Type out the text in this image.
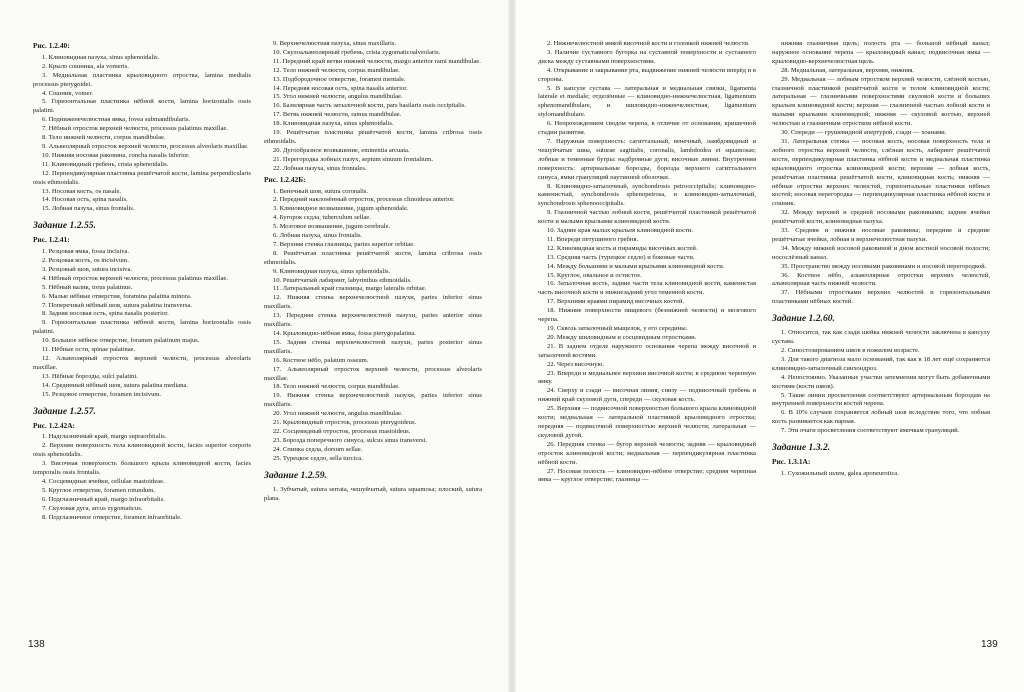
Рис. 1.2.40:
1. Клиновидная пазуха, sinus sphenoidalis.
2. Крыло сошника, ala vomeris.
3. Медиальная пластинка крыловидного отростка, lamina medialis processus pterygoidei.
4. Сошник, vomer.
5. Горизонтальная пластинка нёбной кости, lamina horizontalis ossis palatini.
6. Подниженечелюстная ямка, fovea submandibularis.
7. Нёбный отросток верхней челюсти, processus palatinus maxillae.
8. Тело нижней челюсти, corpus mandibulae.
9. Альвеолярный отросток верхней челюсти, processus alveolaris maxillae.
10. Нижняя носовая раковина, concha nasalis inferior.
11. Клиновидный гребень, crista sphenoidalis.
12. Перпендикулярная пластинка решётчатой кости, lamina perpendicularis ossis ethmoidalis.
13. Носовая кость, os nasale.
14. Носовая ость, spina nasalis.
15. Лобная пазуха, sinus frontalis.
Задание 1.2.55.
Рис. 1.2.41:
1. Резцовая ямка, fossa incisiva.
2. Резцовая кость, os incisivum.
3. Резцовый шов, sutura incisiva.
4. Нёбный отросток верхней челюсти, processus palatinus maxillae.
5. Нёбный валик, torus palatinus.
6. Малые нёбные отверстия, foramina palatina minora.
7. Поперечный нёбный шов, sutura palatina transversa.
8. Задняя носовая ость, spina nasalis posterior.
9. Горизонтальная пластинка нёбной кости, lamina horizontalis ossis palatini.
10. Большое нёбное отверстие, foramen palatinum majus.
11. Нёбные ости, spinae palatinae.
12. Альвеолярный отросток верхней челюсти, processus alveolaris maxillae.
13. Нёбные борозды, sulci palatini.
14. Срединный нёбный шов, sutura palatina mediana.
15. Резцовое отверстие, foramen incisivum.
Задание 1.2.57.
Рис. 1.2.42А:
1. Надглазничный край, margo supraorbitalis.
2. Верхняя поверхность тела клиновидной кости, facies superior corporis ossis sphenoidalis.
3. Височная поверхность большого крыла клиновидной кости, facies temporalis ossis frontalis.
4. Сосцевидные ячейки, cellulae mastoideae.
5. Круглое отверстие, foramen rotundum.
6. Подглазничный край, margo infraorbitalis.
7. Скуловая дуга, arcus zygomaticus.
8. Подглазничное отверстие, foramen infraorbitale.
9. Верхнечелюстная пазуха, sinus maxillaris.
10. Скулоальвеолярный гребень, crista zygomaticoalveolaris.
11. Передний край ветви нижней челюсти, margo anterior rami mandibulae.
12. Тело нижней челюсти, corpus mandibulae.
13. Подбородочное отверстие, foramen mentale.
14. Передняя носовая ость, spina nasalis anterior.
15. Угол нижней челюсти, angulus mandibulae.
16. Базилярная часть затылочной кости, pars basilaris ossis occipitalis.
17. Ветвь нижней челюсти, ramus mandibulae.
18. Клиновидная пазуха, sinus sphenoidalis.
19. Решётчатая пластинка решётчатой кости, lamina cribrosa ossis ethmoidalis.
20. Дугообразное возвышение, eminentia arcuata.
21. Перегородка лобных пазух, septum sinuum frontalium.
22. Лобная пазуха, sinus frontales.
Рис. 1.2.42Б:
1. Венечный шов, sutura coronalis.
2. Передний наклонённый отросток, processus clinoideus anterior.
3. Клиновидное возвышение, jugum sphenoidale.
4. Бугорок седла, tuberculum sellae.
5. Мозговое возвышение, jugum cerebrale.
6. Лобная пазуха, sinus frontalis.
7. Верхняя стенка глазницы, paries superior orbitae.
8. Решётчатая пластинка решётчатой кости, lamina cribrosa ossis ethmoidalis.
9. Клиновидная пазуха, sinus sphenoidalis.
10. Решётчатый лабиринт, labyrinthus ethmoidalis.
11. Латеральный край глазницы, margo lateralis orbitae.
12. Нижняя стенка верхнечелюстной пазухи, paries inferior sinus maxillaris.
13. Передняя стенка верхнечелюстной пазухи, paries anterior sinus maxillaris.
14. Крыловидно-нёбная ямка, fossa pterygopalatina.
15. Задняя стенка верхнечелюстной пазухи, paries posterior sinus maxillaris.
16. Костное нёбо, palatum osseum.
17. Альвеолярный отросток верхней челюсти, processus alveolaris maxillae.
18. Тело нижней челюсти, corpus mandibulae.
19. Нижняя стенка верхнечелюстной пазухи, paries inferior sinus maxillaris.
20. Угол нижней челюсти, angulus mandibulae.
21. Крыловидный отросток, processus pterygoideus.
22. Сосцевидный отросток, processus mastoideus.
23. Борозда поперечного синуса, sulcus sinus transversi.
24. Спинка седла, dorsum sellae.
25. Турецкое седло, sella turcica.
Задание 1.2.59.
1. Зубчатый, sutura serrata, чешуйчатый, sutura squamosa; плоский, sutura plana.
2. Нижнечелюстной ямкой височной кости и головкой нижней челюсти.
3. Наличие суставного бугорка на суставной поверхности и суставного диска между суставными поверхностями.
4. Открывание и закрывание рта, выдвижение нижней челюсти вперёд и в стороны.
5. В капсуле сустава — латеральная и медиальная связки, ligamenta laterale et mediale; отделённые — клиновидно-нижнечелюстная, ligamentum sphenomandibulare, и шиловидно-нижнечелюстная, ligamentum stylomandibulare.
6. Непрохождением сводом черепа, в отличие от основания, кришечной стадии развития.
7. Наружная поверхность: сагиттальный, венечный, ламбдовидный и чешуйчатые швы, suturae sagittalis, coronalis, lambdoidea et squamosae; лобные и теменные бугры: надбровные дуги; височные линии. Внутренняя поверхность: артериальные борозды, борозда верхнего сагиттального синуса, ямки грануляций паутинной оболочки.
8. Клиновидно-затылочный, synchondrosis petrooccipitalis; клиновидно-каменистый, synchondrosis sphenopetrosa, и клиновидно-затылочный, synchondrosis sphenooccipitalis.
9. Глазничной частью лобной кости, решётчатой пластинкой решётчатой кости и малыми крыльями клиновидной кости.
10. Задние края малых крыльев клиновидной кости.
11. Впереди петушиного гребня.
12. Клиновидная кость и пирамиды височных костей.
13. Средняя часть (турецкое седло) и боковые части.
14. Между большими и малыми крыльями клиновидной кости.
15. Круглое, овальное и остистое.
16. Затылочная кость, задние части тела клиновидной кости, каменистая часть височной кости и нижнезадний угол теменной кости.
17. Верхними краями пирамид височных костей.
18. Нижние поверхности пищевого (безнижней челюсти) и мозгового черепа.
19. Сквозь затылочный мыщелок, у его середины.
20. Между шиловидным и сосцевидным отростками.
21. В заднем отделе наружного основания черепа между височной и затылочной костями.
22. Через височную.
23. Впереди и медиальнее верхини височной кости; в среднюю черепную ямку.
24. Сверху и сзади — височная линия, снизу — подвисочный гребень и нижний край скуловой дуги, спереди — скуловая кость.
25. Верхняя — подвисочной поверхностью большого крыла клиновидной кости; медиальная — латеральной пластинкой крыловидного отростка; передняя — подвисочной поверхностью верхней челюсти; латеральная — скуловой дугой.
26. Передняя стенка — бугор верхней челюсти; задняя — крыловидный отросток клиновидной кости; медиальная — перпендикулярная пластинка нёбной кости.
27. Носовая полость — клиновидно-нёбное отверстие; средняя черепная ямка — круглое отверстие; глазница —
нижняя глазничная щель; полость рта — большой нёбный канал; наружное основание черепа — крыловидный канал; подвисочная ямка — крыловидно-верхнечелюстная щель.
28. Медиальная, латеральная, верхняя, нижняя.
29. Медиальная — лобным отростком верхней челюсти, слёзной костью, глазничной пластинкой решётчатой кости и телом клиновидной кости; латеральная — глазничными поверхностями скуловой кости и больших крыльев клиновидной кости; верхняя — глазничной частью лобной кости и малыми крыльями клиновидной; нижняя — скуловой костью, верхней челюстью и глазничным отростком нёбной кости.
30. Спереди — грушевидной апертурой, сзади — хоанами.
31. Латеральная стенка — носовая кость, носовая поверхность тела и лобного отростка верхней челюсти, слёзная кость, лабиринт решётчатой кости, перпендикулярная пластинка нёбной кости и медиальная пластинка крыловидного отростка клиновидной кости; верхняя — лобная кость, решётчатая пластинка решётчатой кости, клиновидная кость; нижняя — нёбные отростки верхних челюстей, горизонтальные пластинки нёбных костей; носовая перегородка — перпендикулярная пластинка нёбной кости и сошник.
32. Между верхней и средней носовыми раковинами; задние ячейки решётчатой кости, клиновидная пазуха.
33. Средняя и нижняя носовые раковины; передние и средние решётчатые ячейки, лобная и верхнечелюстная пазухи.
34. Между нижней носовой раковиной и дном костной носовой полости; носослёзный канал.
35. Пространство между носовыми раковинами и носовой перегородкой.
36. Костное нёбо, альвеолярные отростки верхних челюстей, альвеолярная часть нижней челюсти.
37. Нёбными отростками верхних челюстей и горизонтальными пластинками нёбных костей.
Задание 1.2.60.
1. Относится, так как сзади шейка нижней челюсти заключена в капсулу сустава.
2. Синостозированием швов в пожилом возрасте.
3. Для такого диагноза мало оснований, так как в 18 лет ещё сохраняется клиновидно-затылочный синхондроз.
4. Непостоянно. Указанные участки затемнения могут быть добавочными костями (кости швов).
5. Такие линии просветления соответствуют артериальным бороздам на внутренней поверхности костей черепа.
6. В 10% случаев сохраняется лобный шов вследствие того, что лобная кость развивается как парная.
7. Эти очаги просветления соответствуют ямочкам грануляций.
Задание 1.3.2.
Рис. 1.3.1А:
1. Сухожильный шлем, galea aponeurotica.
138	139
